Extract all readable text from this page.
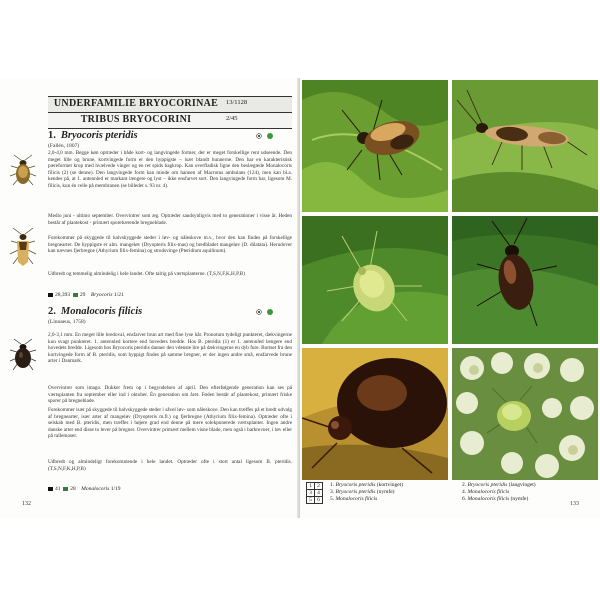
UNDERFAMILIE BRYOCORINAE	13/1128
TRIBUS BRYOCORINI	2/45
1. Bryocoris pteridis
(Fallén, 1807)

2,0-4,0 mm. Begge køn optræder i både kort- og langvingede former, der er meget forskellige rent udseende. Den meget lille og brune, kortvingede form er den hyppigste – især blandt hunnerne. Den har en karakteristisk pæreformet krop med hvælvede vinger og en ret spids bagkrop. Kan overfladisk ligne den beslægtede Monalocoris filicis (2) (se denne). Den langvingede form kan minde om hannen af Macrotus ambulans (124), men kan bl.a. kendes på, at 1. antennled er markant længere og lyst – ikke ensfarvet sort. Den langvingede form har, ligesom M. filicis, kun én celle på membranen (se billedet s. 93 nr. 4).
Medio juni - ultimo september. Overvintrer som æg. Optræder sandsynligvis med to generationer i visse år. Heden består af plantekost - primært sporebærende bregneblade.
Forekommer på skyggede til halvskyggede steder i løv- og nåleskove m.v., hvor den kan findes på forskellige bregnearter. De hyppigste er alm. mangeløv (Dryopteris filix-mas) og bredbladet mangeløv (D. dilatata). Herudover kan nævnes fjerbregne (Athyrium filix-femina) og strudsvinge (Pteridium aquilinum).
Udbredt og temmelig almindelig i hele landet. Ofte talrig på værtsplanterne. (T,S,N,F,K,H,P,B)
28,393 29 Bryocoris 1/21
2. Monalocoris filicis
(Linnaeus, 1758)

2,0-3,1 mm. En meget lille bredoval, ensfarvet brun art med fine lyse hår. Pronotum tydeligt punkteret, dækvingerne kun svagt punkteret. 1. antennled kortere end hovedets bredde. Hos B. pteridis (1) er 1. antennled længere end hovedets bredde. Ligesom hos Bryocoris pteridis danner den vdenste lire på dækvingerne en dyb fure. Bortset fra den kortvingede form af B. pteridis, som hyppigt findes på samme bregner, er der ingen andre små, ensfarvede brune arter i Danmark.
Overvintrer som imago. Dukker frem op i begyndelsen af april. Den efterfølgende generation kan ses på værtsplanten fra september eller ind i oktober. Én generation om året. Føden består af plantekost, primært friske sporer på bregneblade.
Forekommer især på skyggede til halvskyggede steder i såvel løv- som nåleskove. Den kan træffes på et bredt udvalg af bregnearter, især arter af mangeløv (Dryopteris m.fl.) og fjerbregne (Athyrium filix-femina). Optræder ofte i selskab med B. pteridis, men træffes i højere grad end denne på mere solekponerede værtsplanter. Ingen andre danske arter end disse to lever på bregner. Overvintrer primært mellem visne blade, men også i barkrevner, i løv eller på rallemoser.
Udbredt og almindeligt forekommende i hele landet. Optræder ofte i stort antal ligesom B. pteridis. (T,S,N,F,K,H,P,B)
41 28 Monalocoris 1/19
132
1	2
3	4
5	6
1. Bryocoris pteridis (kortvinget)
3. Bryocoris pteridis (nymfe)
5. Monalocoris filicis
2. Bryocoris pteridis (langvinget)
4. Monalocoris filicis
6. Monalocoris filicis (nymfe)
133
